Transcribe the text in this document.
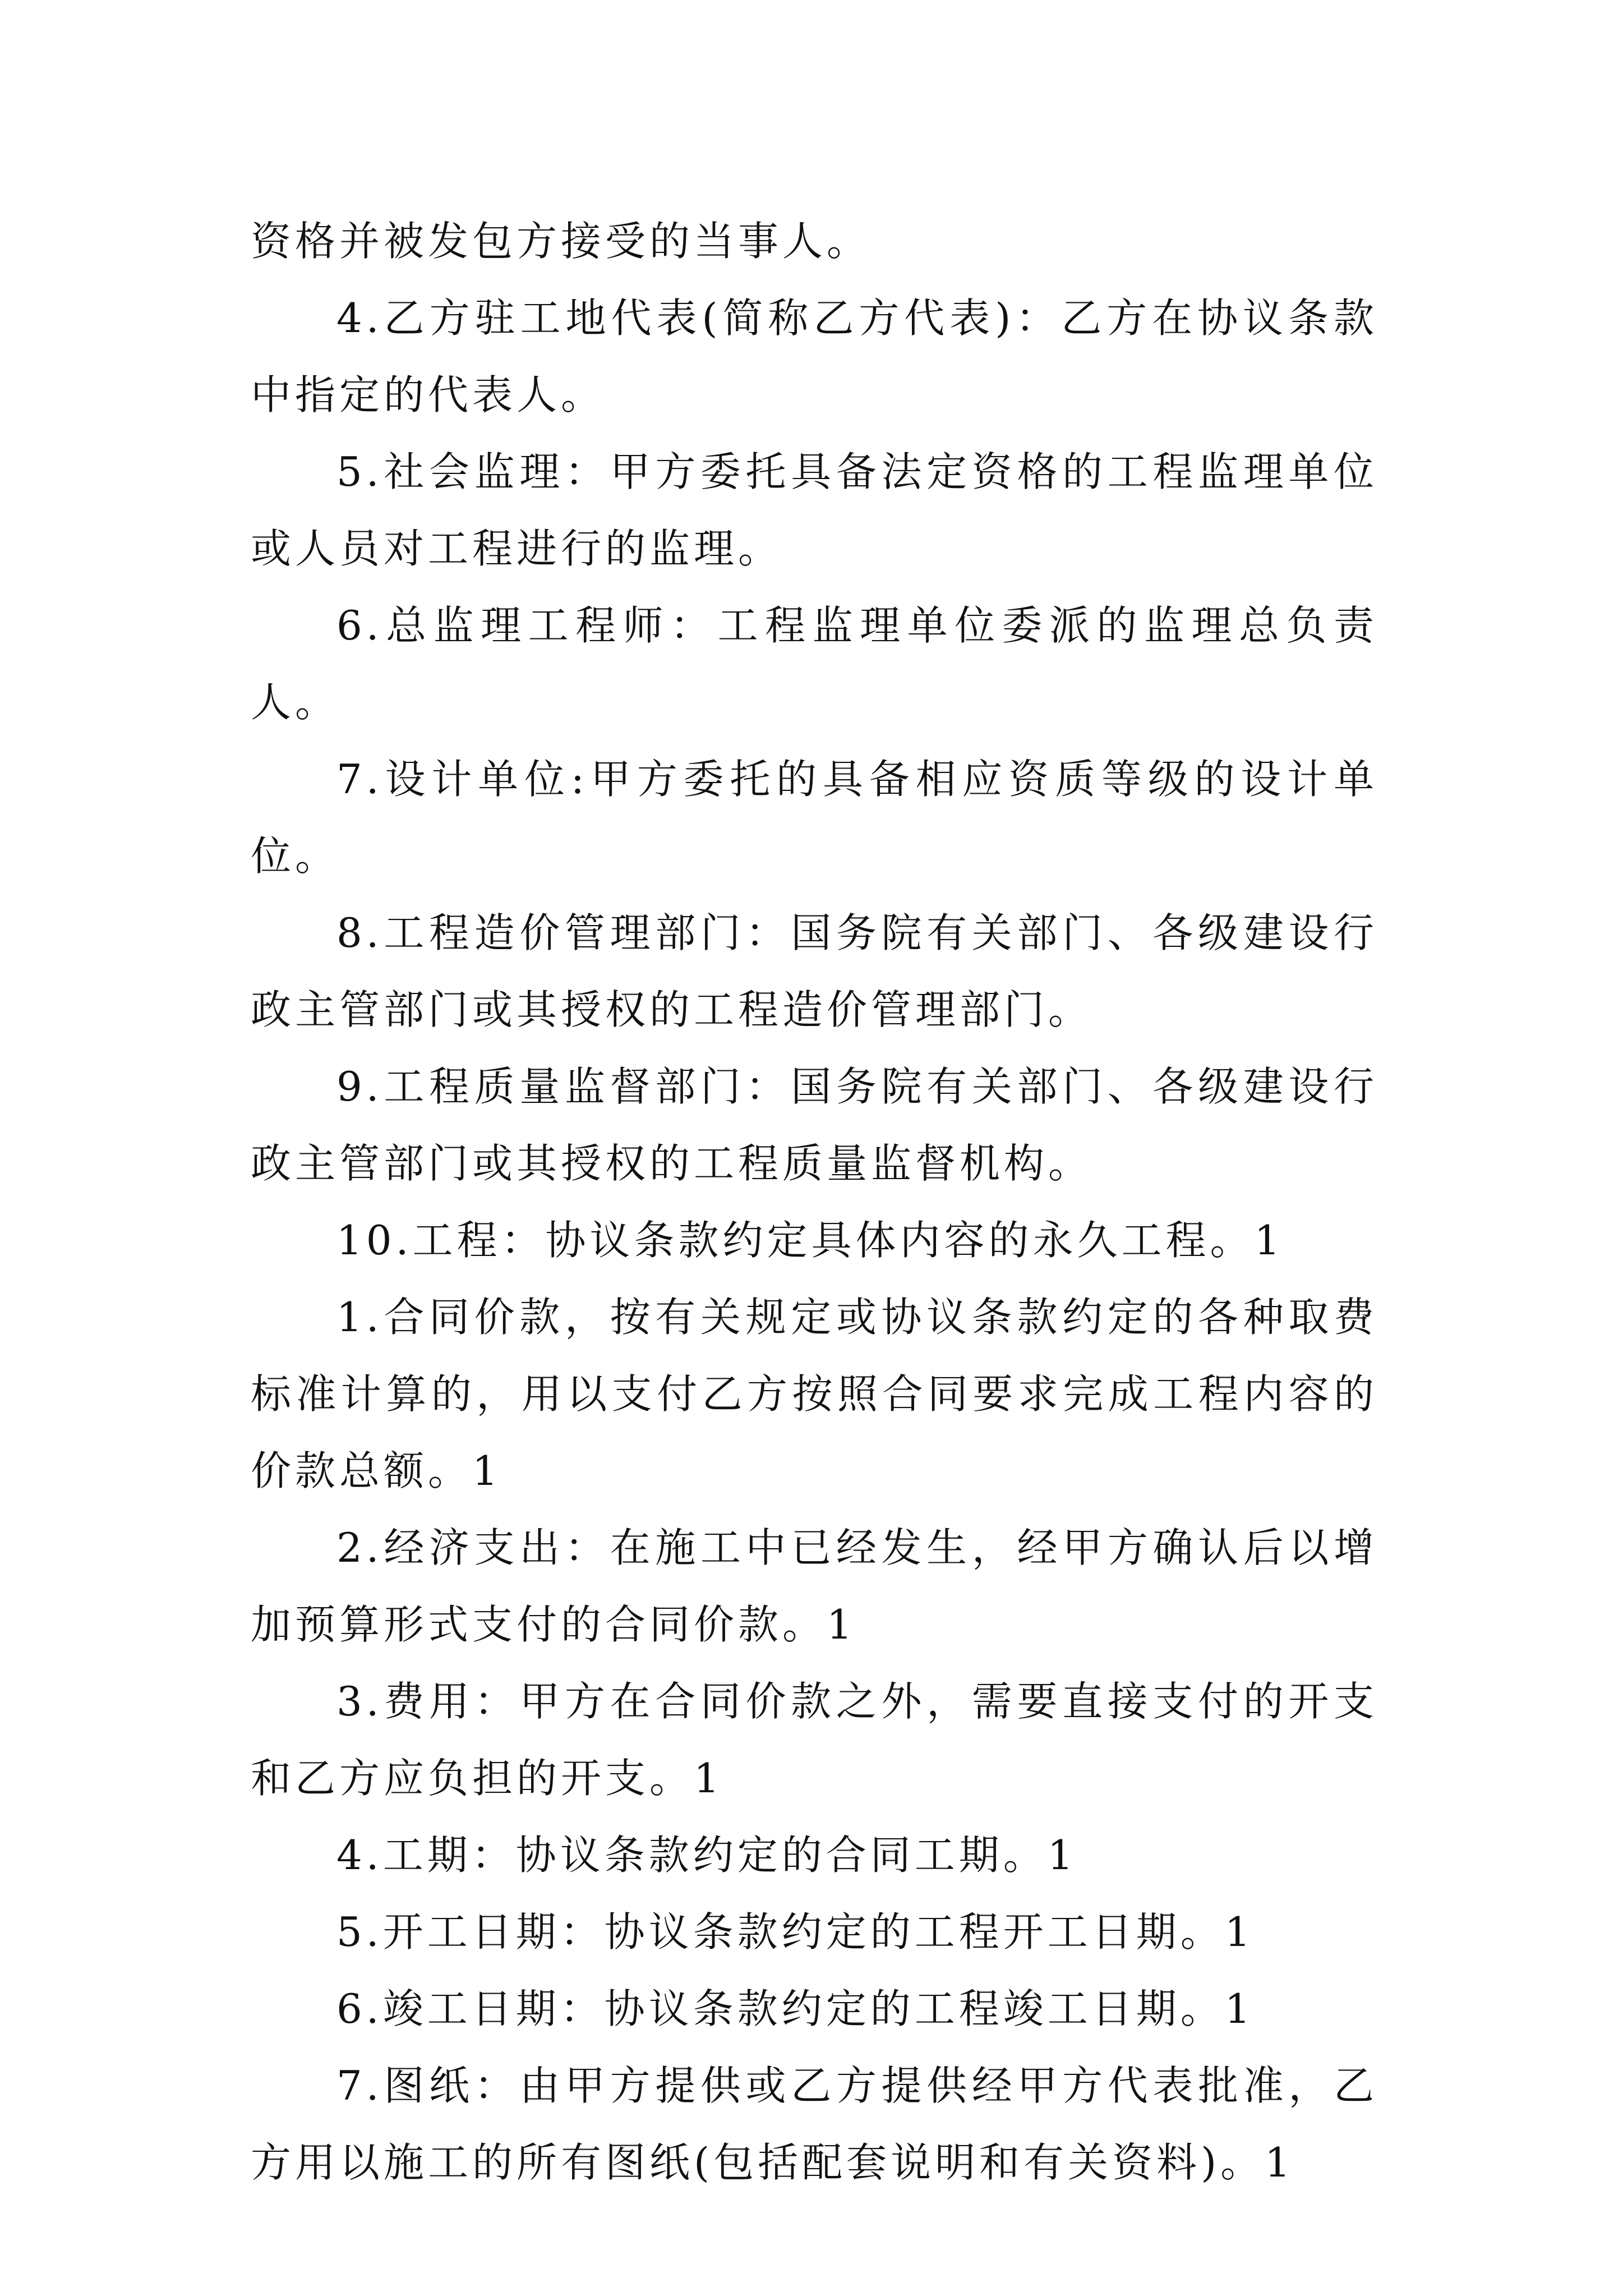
资格并被发包方接受的当事人。

4.乙方驻工地代表(简称乙方代表)：乙方在协议条款中指定的代表人。

5.社会监理：甲方委托具备法定资格的工程监理单位或人员对工程进行的监理。

6.总监理工程师：工程监理单位委派的监理总负责人。

7.设计单位:甲方委托的具备相应资质等级的设计单位。

8.工程造价管理部门：国务院有关部门、各级建设行政主管部门或其授权的工程造价管理部门。

9.工程质量监督部门：国务院有关部门、各级建设行政主管部门或其授权的工程质量监督机构。

10.工程：协议条款约定具体内容的永久工程。1

1.合同价款，按有关规定或协议条款约定的各种取费标准计算的，用以支付乙方按照合同要求完成工程内容的价款总额。1

2.经济支出：在施工中已经发生，经甲方确认后以增加预算形式支付的合同价款。1

3.费用：甲方在合同价款之外，需要直接支付的开支和乙方应负担的开支。1

4.工期：协议条款约定的合同工期。1

5.开工日期：协议条款约定的工程开工日期。1

6.竣工日期：协议条款约定的工程竣工日期。1

7.图纸：由甲方提供或乙方提供经甲方代表批准，乙方用以施工的所有图纸(包括配套说明和有关资料)。1
